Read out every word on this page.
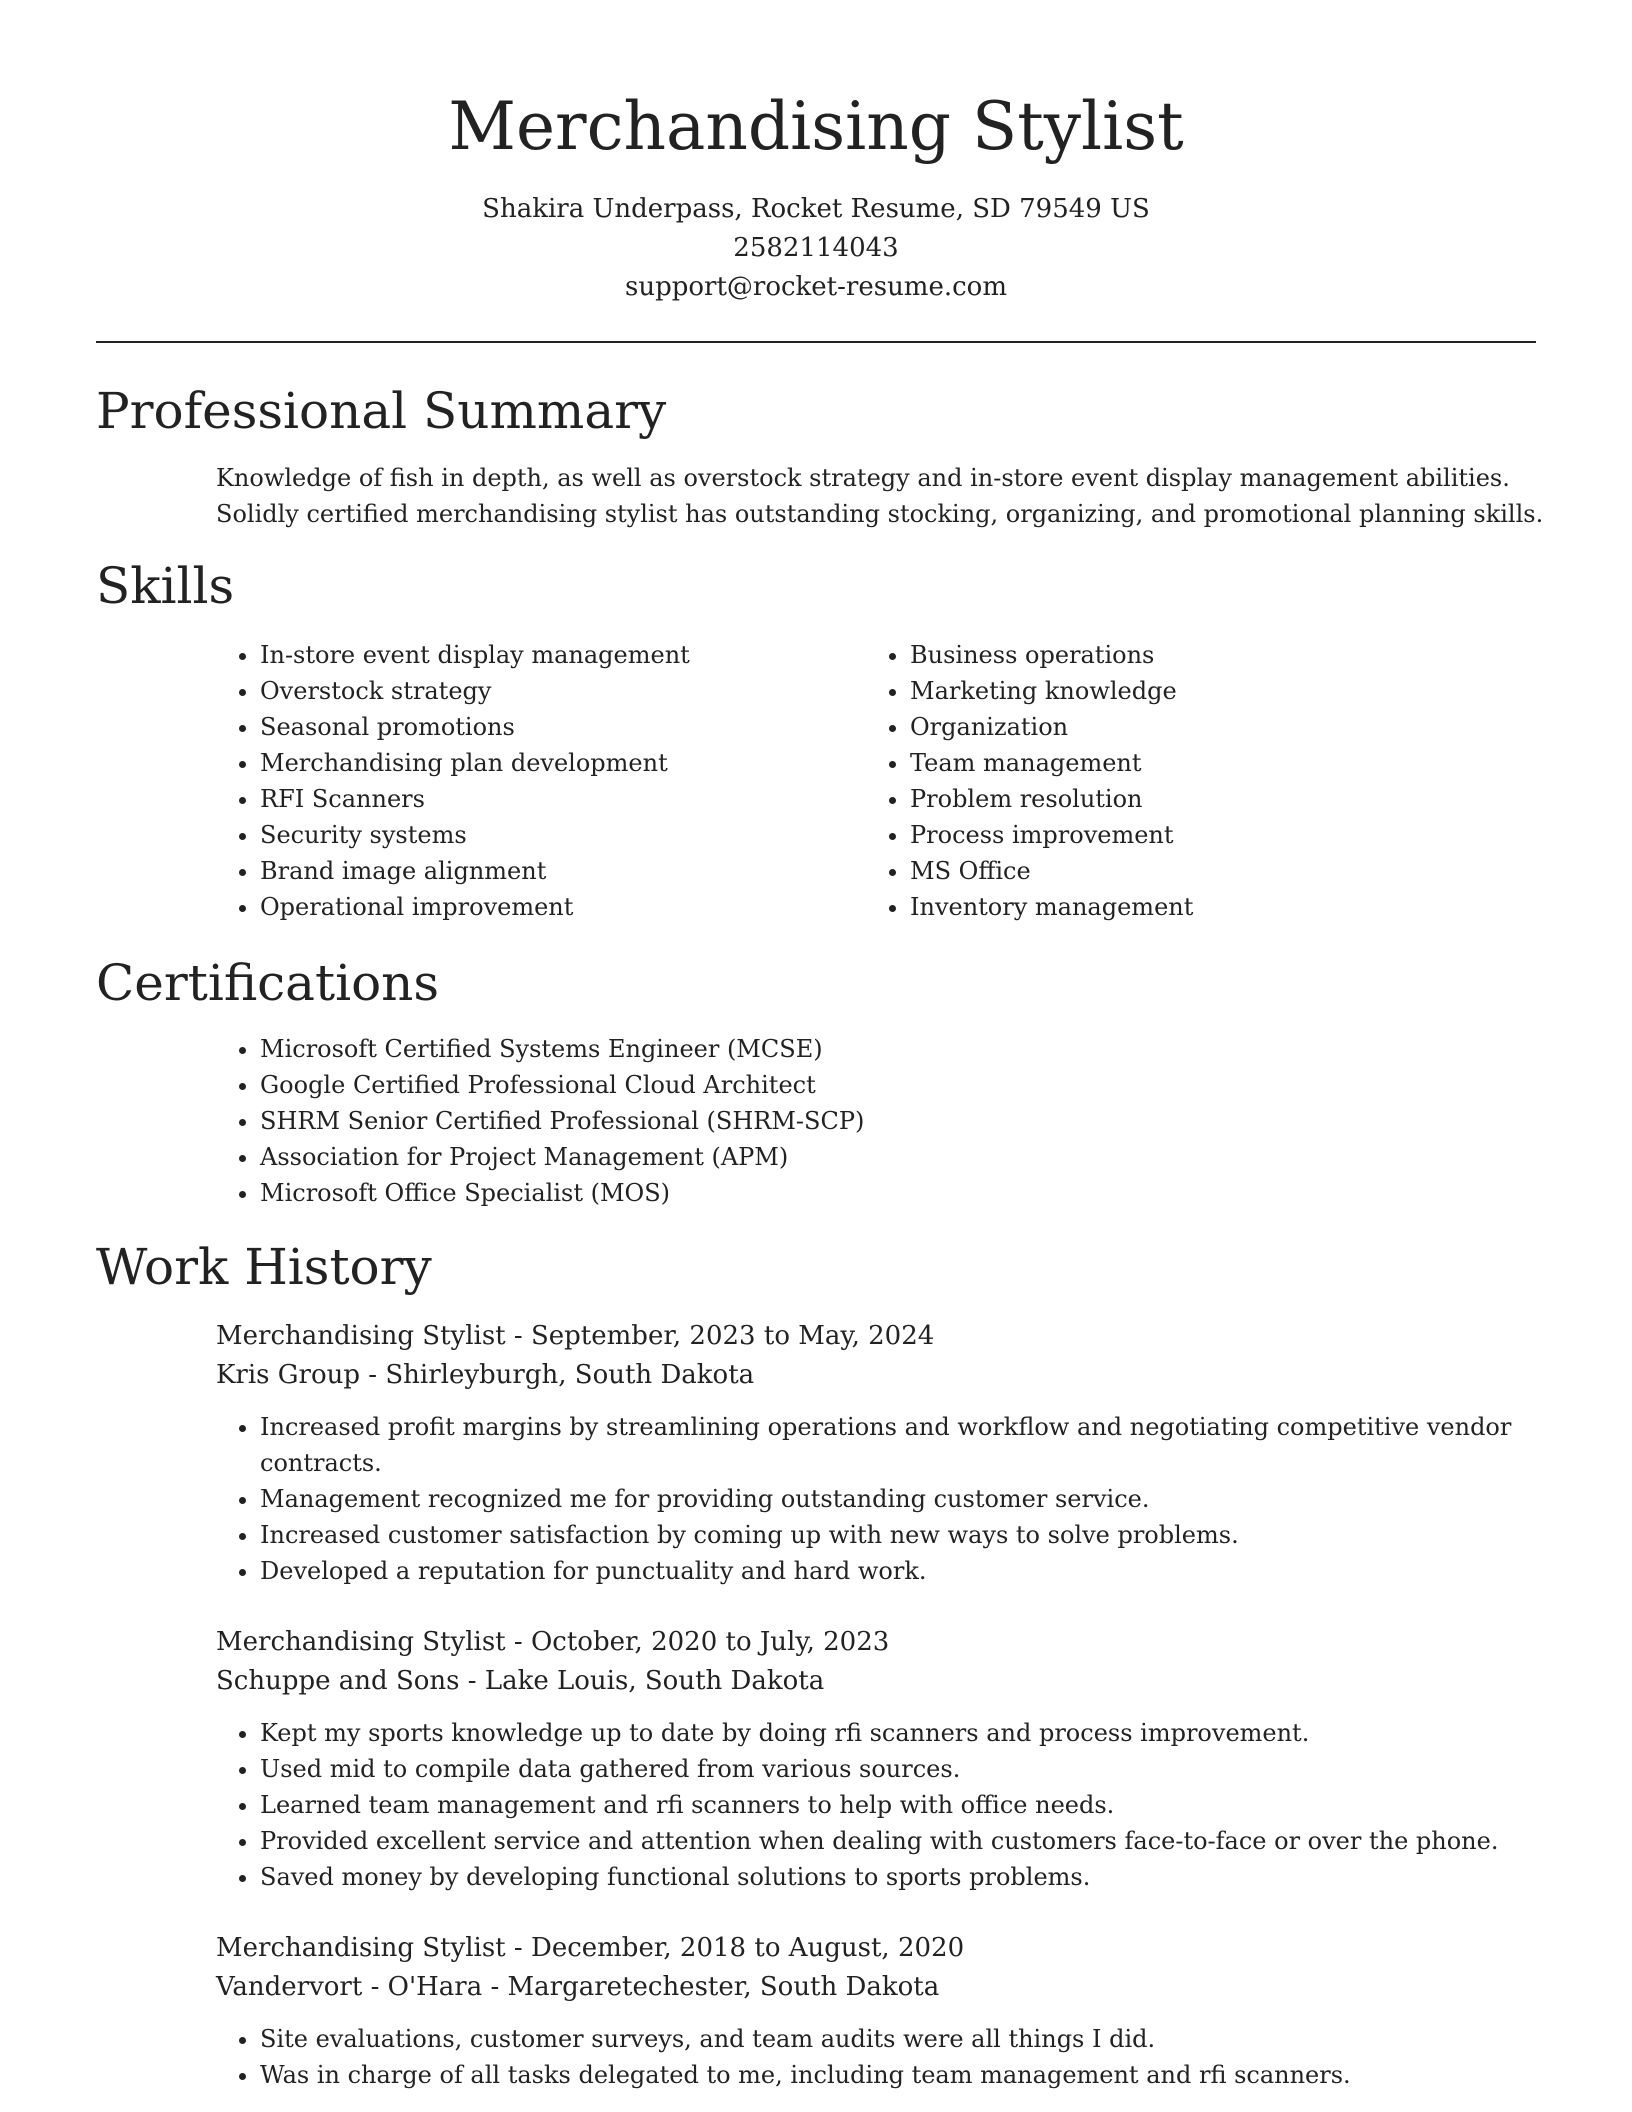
Merchandising Stylist
Shakira Underpass, Rocket Resume, SD 79549 US
2582114043
support@rocket-resume.com
Professional Summary

Knowledge of fish in depth, as well as overstock strategy and in-store event display management abilities. Solidly certified merchandising stylist has outstanding stocking, organizing, and promotional planning skills.

Skills
• In-store event display management
• Overstock strategy
• Seasonal promotions
• Merchandising plan development
• RFI Scanners
• Security systems
• Brand image alignment
• Operational improvement
• Business operations
• Marketing knowledge
• Organization
• Team management
• Problem resolution
• Process improvement
• MS Office
• Inventory management
Certifications
• Microsoft Certified Systems Engineer (MCSE)
• Google Certified Professional Cloud Architect
• SHRM Senior Certified Professional (SHRM-SCP)
• Association for Project Management (APM)
• Microsoft Office Specialist (MOS)
Work History

Merchandising Stylist - September, 2023 to May, 2024

Kris Group - Shirleyburgh, South Dakota

• Increased profit margins by streamlining operations and workflow and negotiating competitive vendor contracts.
• Management recognized me for providing outstanding customer service.
• Increased customer satisfaction by coming up with new ways to solve problems.
• Developed a reputation for punctuality and hard work.

Merchandising Stylist - October, 2020 to July, 2023

Schuppe and Sons - Lake Louis, South Dakota

• Kept my sports knowledge up to date by doing rfi scanners and process improvement.
• Used mid to compile data gathered from various sources.
• Learned team management and rfi scanners to help with office needs.
• Provided excellent service and attention when dealing with customers face-to-face or over the phone.
• Saved money by developing functional solutions to sports problems.

Merchandising Stylist - December, 2018 to August, 2020

Vandervort - O'Hara - Margaretechester, South Dakota

• Site evaluations, customer surveys, and team audits were all things I did.
• Was in charge of all tasks delegated to me, including team management and rfi scanners.
